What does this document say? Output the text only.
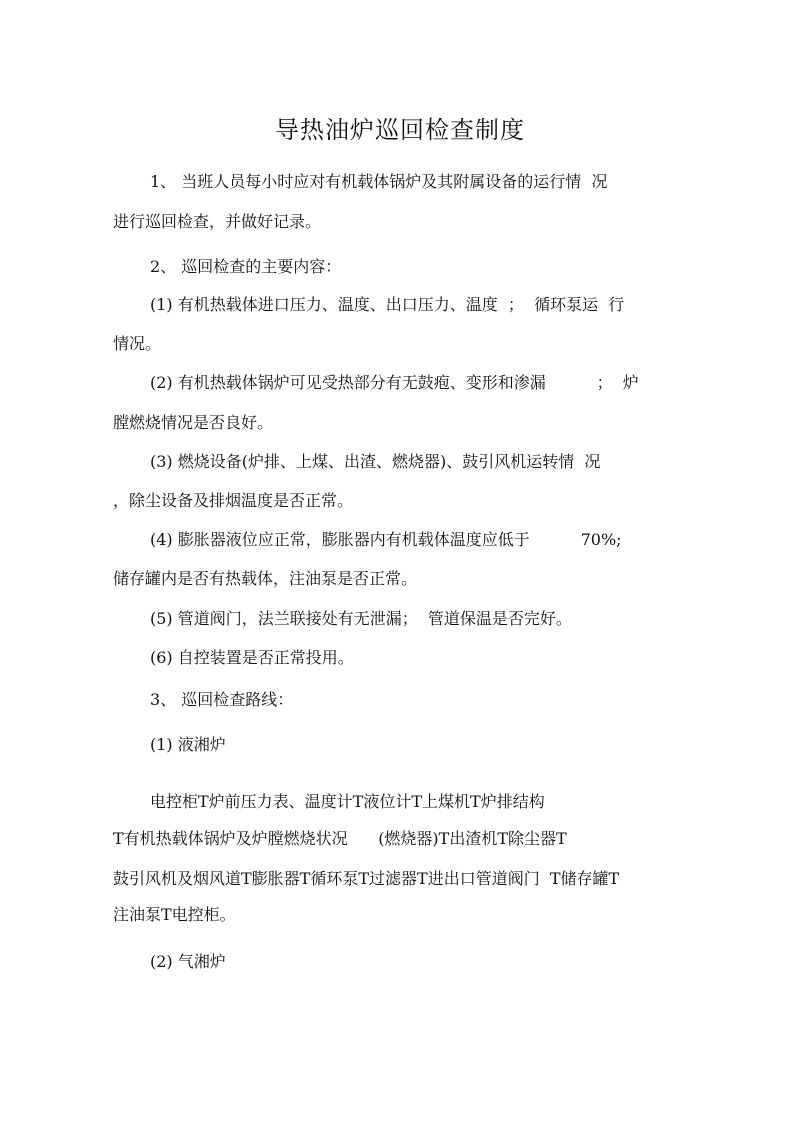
导热油炉巡回检查制度
1、 当班人员每小时应对有机载体锅炉及其附属设备的运行情  况
进行巡回检查，并做好记录。
2、 巡回检查的主要内容：
(1) 有机热载体进口压力、温度、出口压力、温度  ；  循环泵运  行
情况。
(2) 有机热载体锅炉可见受热部分有无鼓疱、变形和渗漏          ；  炉
膛燃烧情况是否良好。
(3) 燃烧设备(炉排、上煤、出渣、燃烧器)、鼓引风机运转情  况
，除尘设备及排烟温度是否正常。
(4) 膨胀器液位应正常，膨胀器内有机载体温度应低于          70%;
储存罐内是否有热载体，注油泵是否正常。
(5) 管道阀门，法兰联接处有无泄漏；  管道保温是否完好。
(6) 自控装置是否正常投用。
3、 巡回检查路线：
(1) 液湘炉
电控柜T炉前压力表、温度计T液位计T上煤机T炉排结构
T有机热载体锅炉及炉膛燃烧状况      (燃烧器)T出渣机T除尘器T
鼓引风机及烟风道T膨胀器T循环泵T过滤器T进出口管道阀门  T储存罐T
注油泵T电控柜。
(2) 气湘炉
